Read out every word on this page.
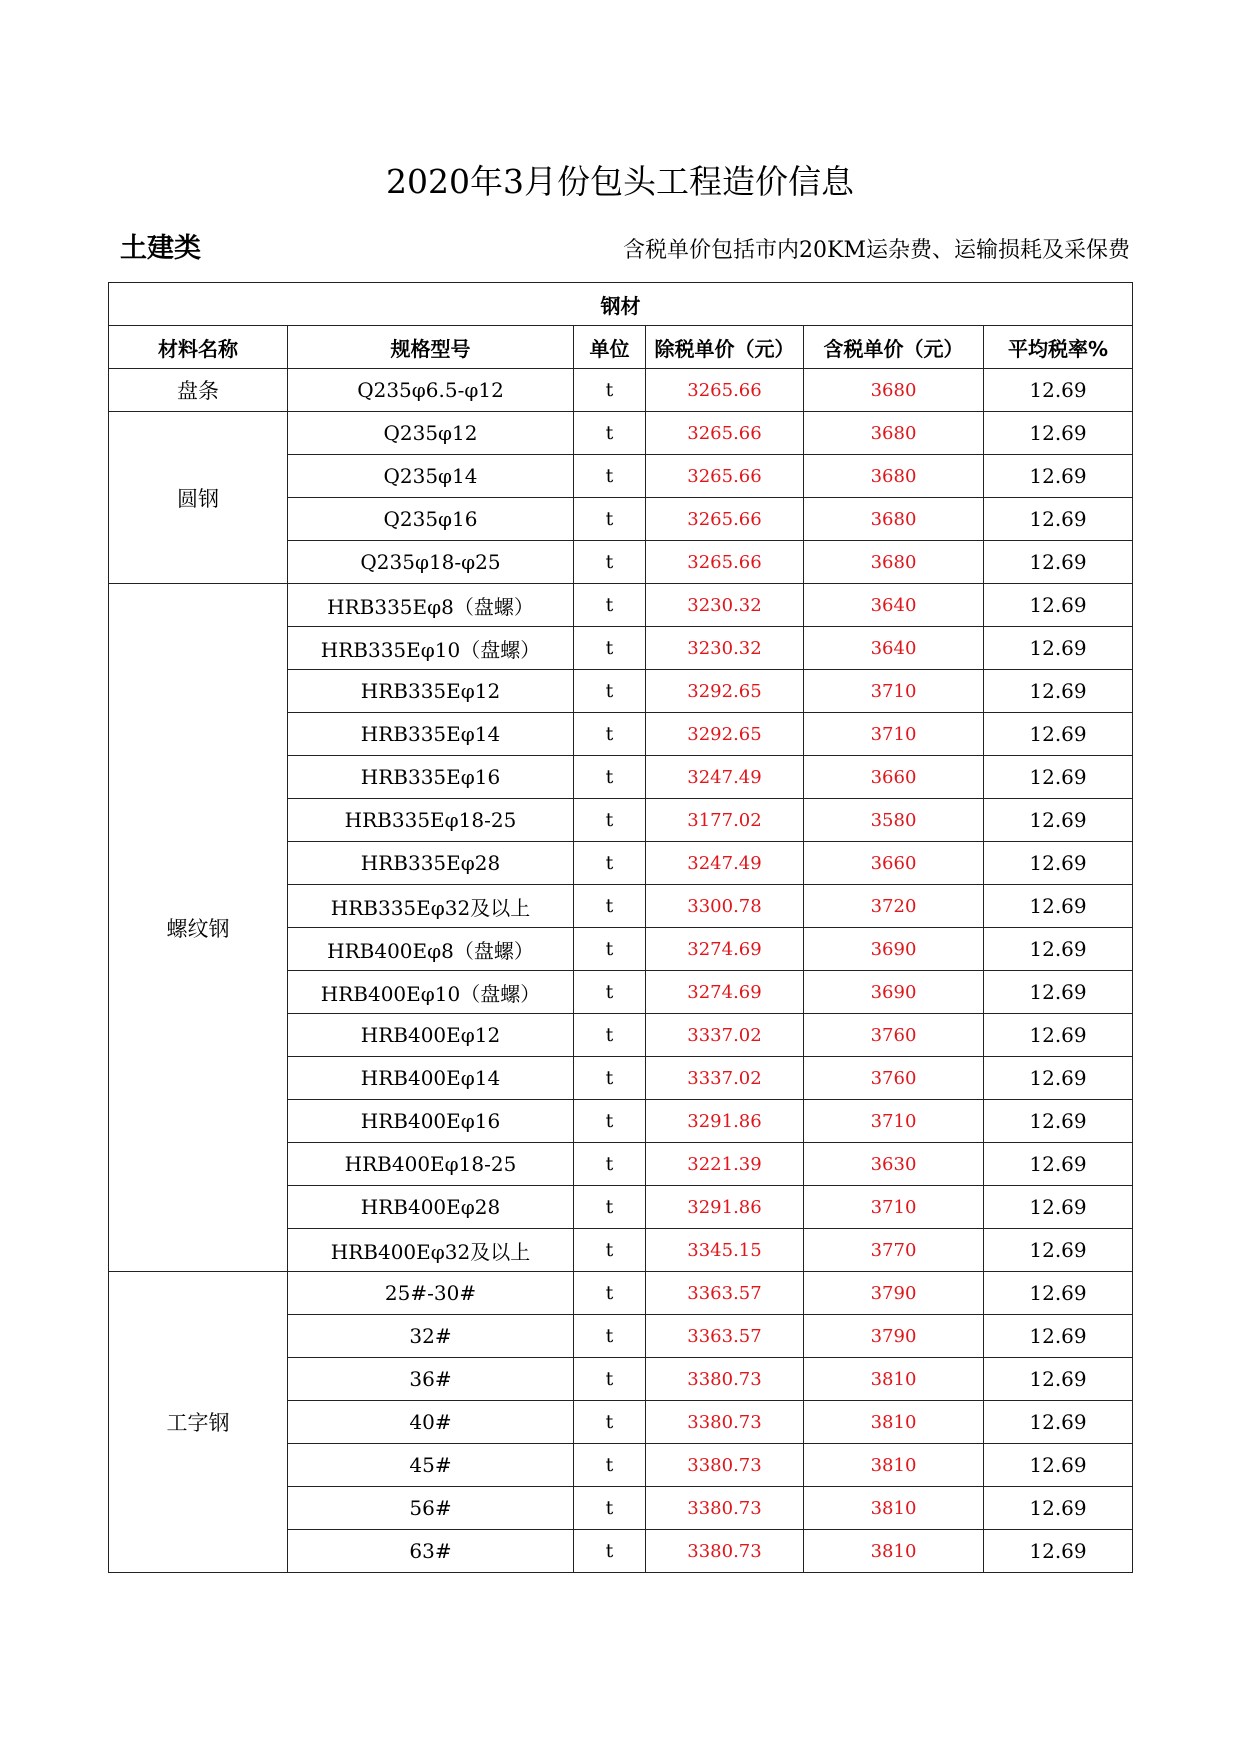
2020年3月份包头工程造价信息
土建类	含税单价包括市内20KM运杂费、运输损耗及采保费
钢材					
材料名称	规格型号	单位	除税单价（元）	含税单价（元）	平均税率%
盘条	Q235φ6.5-φ12	t	3265.66	3680	12.69
圆钢	Q235φ12	t	3265.66	3680	12.69
	Q235φ14	t	3265.66	3680	12.69
	Q235φ16	t	3265.66	3680	12.69
	Q235φ18-φ25	t	3265.66	3680	12.69
螺纹钢	HRB335Eφ8（盘螺）	t	3230.32	3640	12.69
	HRB335Eφ10（盘螺）	t	3230.32	3640	12.69
	HRB335Eφ12	t	3292.65	3710	12.69
	HRB335Eφ14	t	3292.65	3710	12.69
	HRB335Eφ16	t	3247.49	3660	12.69
	HRB335Eφ18-25	t	3177.02	3580	12.69
	HRB335Eφ28	t	3247.49	3660	12.69
	HRB335Eφ32及以上	t	3300.78	3720	12.69
	HRB400Eφ8（盘螺）	t	3274.69	3690	12.69
	HRB400Eφ10（盘螺）	t	3274.69	3690	12.69
	HRB400Eφ12	t	3337.02	3760	12.69
	HRB400Eφ14	t	3337.02	3760	12.69
	HRB400Eφ16	t	3291.86	3710	12.69
	HRB400Eφ18-25	t	3221.39	3630	12.69
	HRB400Eφ28	t	3291.86	3710	12.69
	HRB400Eφ32及以上	t	3345.15	3770	12.69
工字钢	25#-30#	t	3363.57	3790	12.69
	32#	t	3363.57	3790	12.69
	36#	t	3380.73	3810	12.69
	40#	t	3380.73	3810	12.69
	45#	t	3380.73	3810	12.69
	56#	t	3380.73	3810	12.69
	63#	t	3380.73	3810	12.69
